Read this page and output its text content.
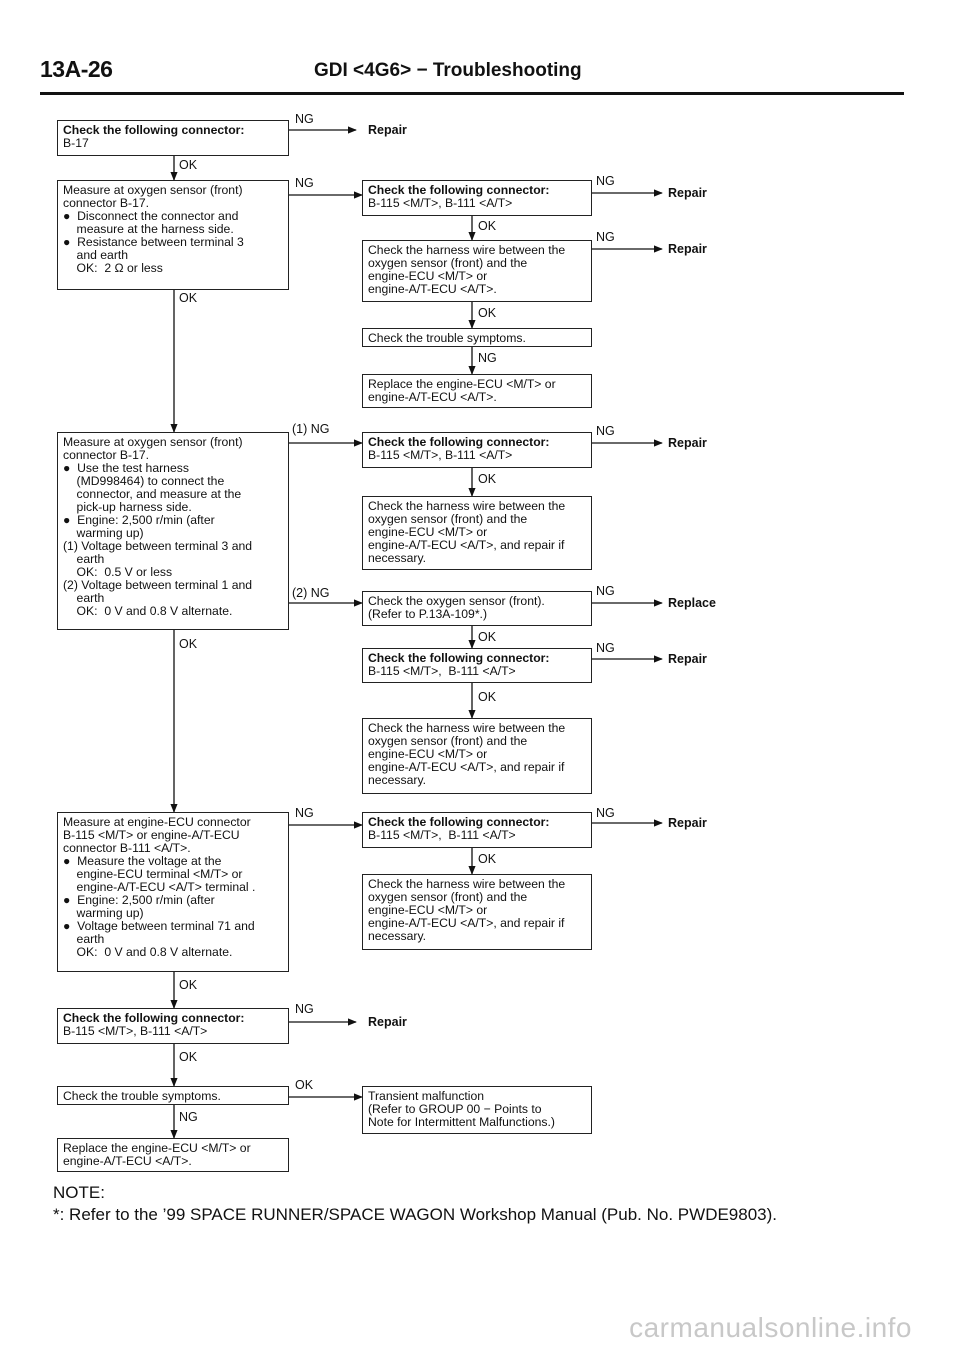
13A-26	GDI <4G6> − Troubleshooting
Check the following connector:
B-17
Measure at oxygen sensor (front)
connector B-17.
●  Disconnect the connector and
measure at the harness side.
●  Resistance between terminal 3
and earth
OK:  2 Ω or less
Check the following connector:
B-115 <M/T>, B-111 <A/T>
Check the harness wire between the
oxygen sensor (front) and the
engine-ECU <M/T> or
engine-A/T-ECU <A/T>.
Check the trouble symptoms.
Replace the engine-ECU <M/T> or
engine-A/T-ECU <A/T>.
Measure at oxygen sensor (front)
connector B-17.
●  Use the test harness
(MD998464) to connect the
connector, and measure at the
pick-up harness side.
●  Engine: 2,500 r/min (after
warming up)
(1) Voltage between terminal 3 and
earth
OK:  0.5 V or less
(2) Voltage between terminal 1 and
earth
OK:  0 V and 0.8 V alternate.
Check the following connector:
B-115 <M/T>, B-111 <A/T>
Check the harness wire between the
oxygen sensor (front) and the
engine-ECU <M/T> or
engine-A/T-ECU <A/T>, and repair if
necessary.
Check the oxygen sensor (front).
(Refer to P.13A-109*.)
Check the following connector:
B-115 <M/T>,  B-111 <A/T>
Check the harness wire between the
oxygen sensor (front) and the
engine-ECU <M/T> or
engine-A/T-ECU <A/T>, and repair if
necessary.
Measure at engine-ECU connector
B-115 <M/T> or engine-A/T-ECU
connector B-111 <A/T>.
●  Measure the voltage at the
engine-ECU terminal <M/T> or
engine-A/T-ECU <A/T> terminal .
●  Engine: 2,500 r/min (after
warming up)
●  Voltage between terminal 71 and
earth
OK:  0 V and 0.8 V alternate.
Check the following connector:
B-115 <M/T>,  B-111 <A/T>
Check the harness wire between the
oxygen sensor (front) and the
engine-ECU <M/T> or
engine-A/T-ECU <A/T>, and repair if
necessary.
Check the following connector:
B-115 <M/T>, B-111 <A/T>
Check the trouble symptoms.	Transient malfunction
(Refer to GROUP 00 − Points to
Note for Intermittent Malfunctions.)
Replace the engine-ECU <M/T> or
engine-A/T-ECU <A/T>.
OK
OK
OK
OK
OK
NG
OK
OK
NG
OK
OK
OK
OK
NG
NG
(1) NG
(2) NG
NG
NG
OK
NG
NG
NG
NG
NG
NG
Repair
Repair
Repair
Repair
Replace
Repair
Repair
Repair
NOTE:
*: Refer to the ’99 SPACE RUNNER/SPACE WAGON Workshop Manual (Pub. No. PWDE9803).
carmanualsonline.info
